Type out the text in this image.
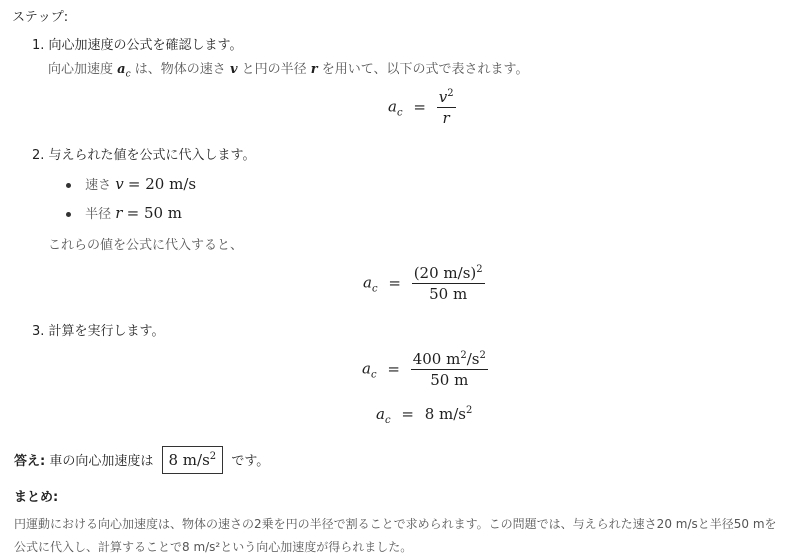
ステップ:
1. 向心加速度の公式を確認します。
向心加速度 $a_c$ は、物体の速さ v と円の半径 r を用いて、以下の式で表されます。
$a_c = \frac{v^2}{r}$
2. 与えられた値を公式に代入します。
速さ v = 20 m/s
半径 r = 50 m
これらの値を公式に代入すると、
$a_c = \frac{(20 m/s)^2}{50 m}$
3. 計算を実行します。
$a_c = \frac{400 m^2/s^2}{50 m}$
$a_c = 8$ $m/s^2$
答え: 車の向心加速度は 8 $m/s^2$ です。
まとめ:
円運動における向心加速度は、物体の速さの2乗を円の半径で割ることで求められます。この問題では、与えられた速さ20 m/sと半径50 mを
公式に代入し、計算することで8 m/s²という向心加速度が得られました。
